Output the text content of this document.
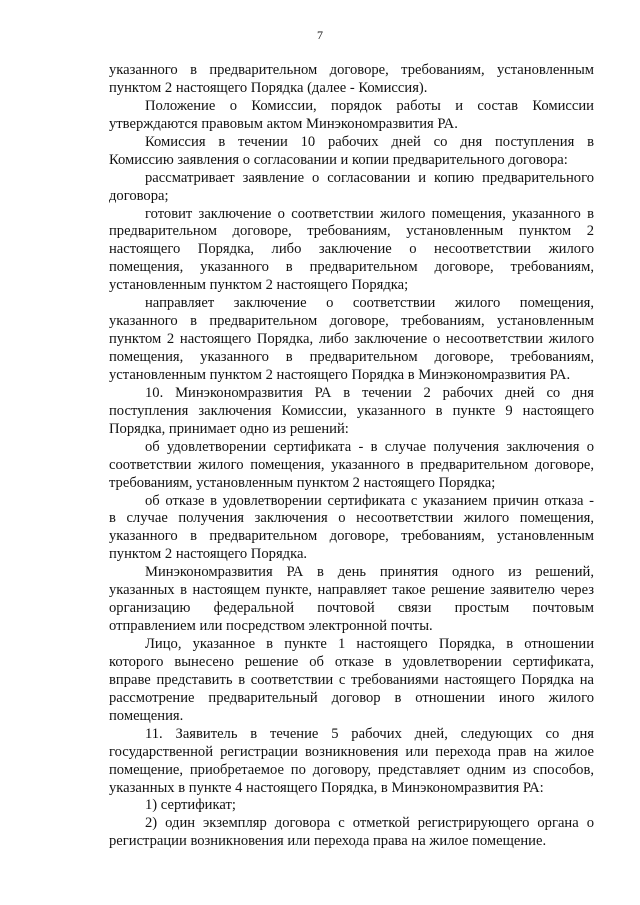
7
указанного в предварительном договоре, требованиям, установленным
пунктом 2 настоящего Порядка (далее - Комиссия).
Положение о Комиссии, порядок работы и состав Комиссии
утверждаются правовым актом Минэкономразвития РА.
Комиссия в течении 10 рабочих дней со дня поступления в
Комиссию заявления о согласовании и копии предварительного договора:
рассматривает заявление о согласовании и копию предварительного
договора;
готовит заключение о соответствии жилого помещения, указанного в
предварительном договоре, требованиям, установленным пунктом 2
настоящего Порядка, либо заключение о несоответствии жилого
помещения, указанного в предварительном договоре, требованиям,
установленным пунктом 2 настоящего Порядка;
направляет заключение о соответствии жилого помещения,
указанного в предварительном договоре, требованиям, установленным
пунктом 2 настоящего Порядка, либо заключение о несоответствии жилого
помещения, указанного в предварительном договоре, требованиям,
установленным пунктом 2 настоящего Порядка в Минэкономразвития РА.
10. Минэкономразвития РА в течении 2 рабочих дней со дня
поступления заключения Комиссии, указанного в пункте 9 настоящего
Порядка, принимает одно из решений:
об удовлетворении сертификата - в случае получения заключения о
соответствии жилого помещения, указанного в предварительном договоре,
требованиям, установленным пунктом 2 настоящего Порядка;
об отказе в удовлетворении сертификата с указанием причин отказа -
в случае получения заключения о несоответствии жилого помещения,
указанного в предварительном договоре, требованиям, установленным
пунктом 2 настоящего Порядка.
Минэкономразвития РА в день принятия одного из решений,
указанных в настоящем пункте, направляет такое решение заявителю через
организацию федеральной почтовой связи простым почтовым
отправлением или посредством электронной почты.
Лицо, указанное в пункте 1 настоящего Порядка, в отношении
которого вынесено решение об отказе в удовлетворении сертификата,
вправе представить в соответствии с требованиями настоящего Порядка на
рассмотрение предварительный договор в отношении иного жилого
помещения.
11. Заявитель в течение 5 рабочих дней, следующих со дня
государственной регистрации возникновения или перехода прав на жилое
помещение, приобретаемое по договору, представляет одним из способов,
указанных в пункте 4 настоящего Порядка, в Минэкономразвития РА:
1) сертификат;
2) один экземпляр договора с отметкой регистрирующего органа о
регистрации возникновения или перехода права на жилое помещение.
